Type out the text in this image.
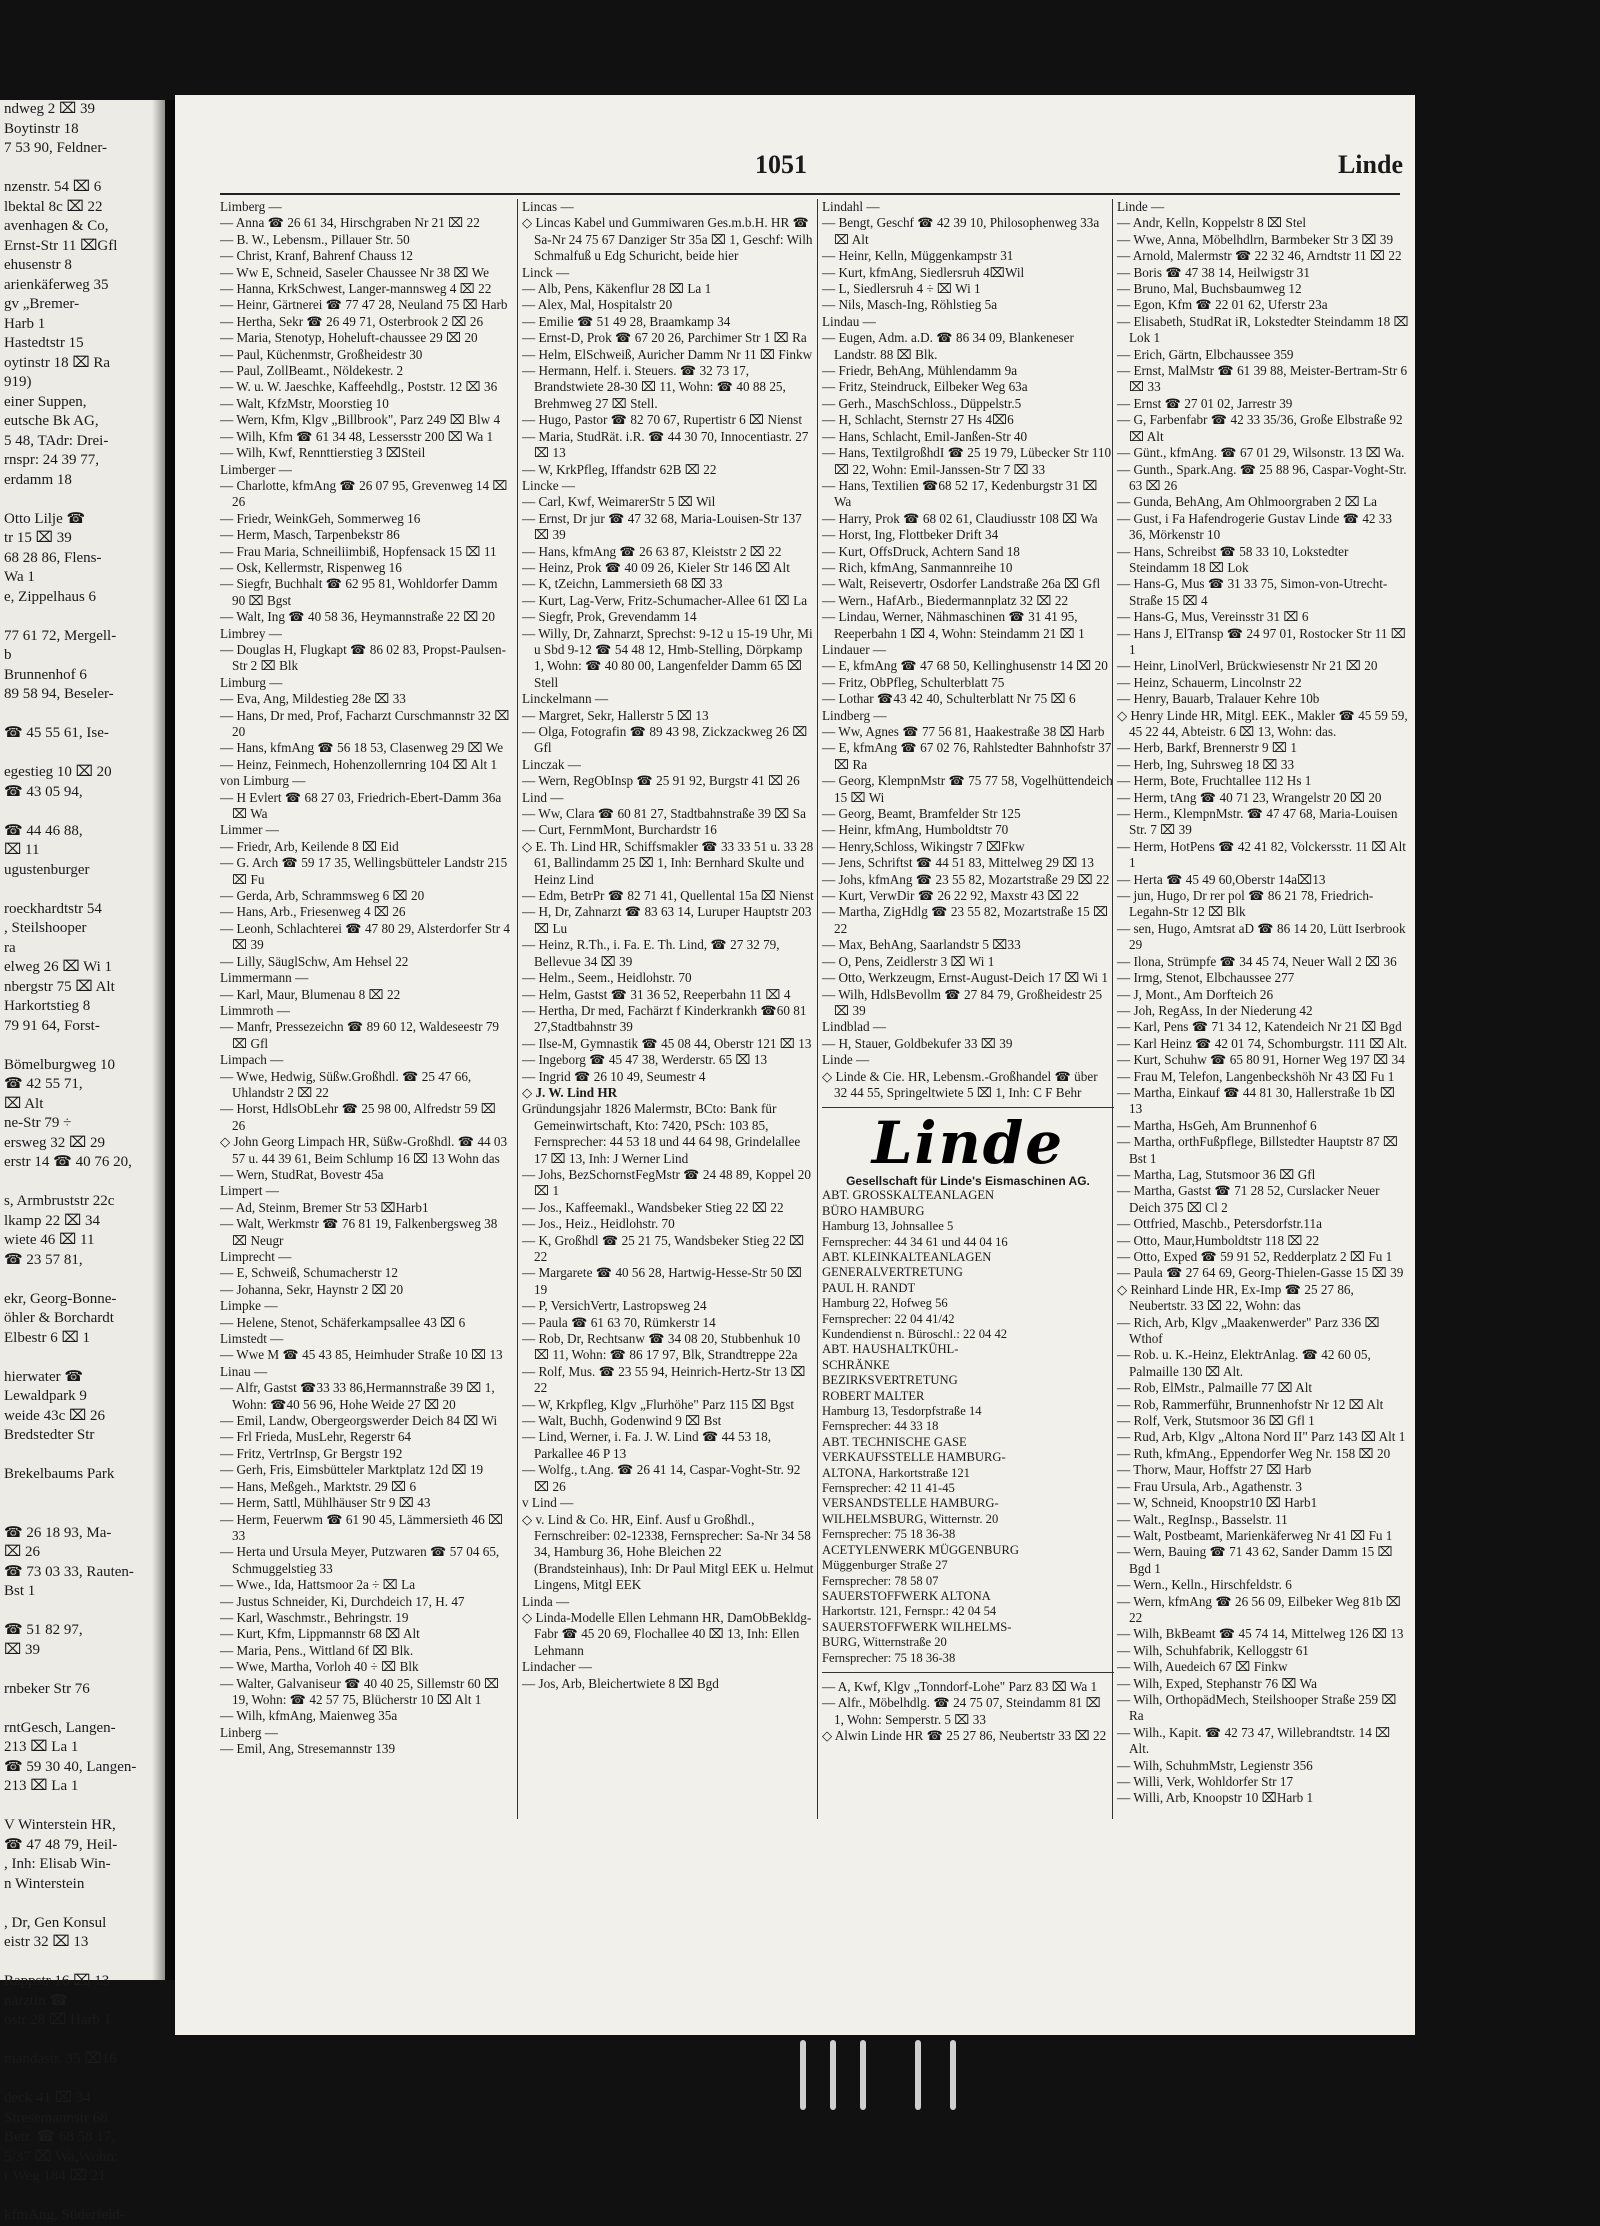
ndweg 2 ⌧ 39
Boytinstr 18
7 53 90, Feldner-

nzenstr. 54 ⌧ 6
lbektal 8c ⌧ 22
avenhagen & Co,
Ernst-Str 11 ⌧Gfl
ehusenstr 8
arienkäferweg 35
gv „Bremer-
Harb 1
Hastedtstr 15
oytinstr 18 ⌧ Ra
919)
einer Suppen,
eutsche Bk AG,
5 48, TAdr: Drei-
rnspr: 24 39 77,
erdamm 18

Otto Lilje ☎
tr 15 ⌧ 39
68 28 86, Flens-
Wa 1
e, Zippelhaus 6

77 61 72, Mergell-
b
Brunnenhof 6
89 58 94, Beseler-

☎ 45 55 61, Ise-

egestieg 10 ⌧ 20
☎ 43 05 94,

☎ 44 46 88,
⌧ 11
ugustenburger

roeckhardtstr 54
, Steilshooper
ra
elweg 26 ⌧ Wi 1
nbergstr 75 ⌧ Alt
Harkortstieg 8
79 91 64, Forst-

Bömelburgweg 10
☎ 42 55 71,
⌧ Alt
ne-Str 79 ÷
ersweg 32 ⌧ 29
erstr 14 ☎ 40 76 20,

s, Armbruststr 22c
lkamp 22 ⌧ 34
wiete 46 ⌧ 11
☎ 23 57 81,

ekr, Georg-Bonne-
öhler & Borchardt
Elbestr 6 ⌧ 1

hierwater ☎
Lewaldpark 9
weide 43c ⌧ 26
Bredstedter Str

Brekelbaums Park

☎ 26 18 93, Ma-
⌧ 26
☎ 73 03 33, Rauten-
Bst 1

☎ 51 82 97,
⌧ 39

rnbeker Str 76

rntGesch, Langen-
213 ⌧ La 1
☎ 59 30 40, Langen-
213 ⌧ La 1

V Winterstein HR,
☎ 47 48 79, Heil-
, Inh: Elisab Win-
n Winterstein

, Dr, Gen Konsul
eistr 32 ⌧ 13

Rappstr 16 ⌧ 13
närztin ☎
ostr 28 ⌧ Harb 1

mandastr. 35 ⌧16

deck 41 ⌧ 34
Stresemannstr 68
Betr. ☎ 68 58 17,
5/37 ⌧ Wa,Wohn:
r Weg 184 ⌧ 21

kfmAng, Süderfeld-
1051	Linde
Limberg —
— Anna ☎ 26 61 34, Hirschgraben Nr 21 ⌧ 22
— B. W., Lebensm., Pillauer Str. 50
— Christ, Kranf, Bahrenf Chauss 12
— Ww E, Schneid, Saseler Chaussee Nr 38 ⌧ We
— Hanna, KrkSchwest, Langer-mannsweg 4 ⌧ 22
— Heinr, Gärtnerei ☎ 77 47 28, Neuland 75 ⌧ Harb
— Hertha, Sekr ☎ 26 49 71, Osterbrook 2 ⌧ 26
— Maria, Stenotyp, Hoheluft-chaussee 29 ⌧ 20
— Paul, Küchenmstr, Großheidestr 30
— Paul, ZollBeamt., Nöldekestr. 2
— W. u. W. Jaeschke, Kaffeehdlg., Poststr. 12 ⌧ 36
— Walt, KfzMstr, Moorstieg 10
— Wern, Kfm, Klgv „Billbrook", Parz 249 ⌧ Blw 4
— Wilh, Kfm ☎ 61 34 48, Lessersstr 200 ⌧ Wa 1
— Wilh, Kwf, Rennttierstieg 3 ⌧Steil
Limberger —
— Charlotte, kfmAng ☎ 26 07 95, Grevenweg 14 ⌧ 26
— Friedr, WeinkGeh, Sommerweg 16
— Herm, Masch, Tarpenbekstr 86
— Frau Maria, Schneiliimbiß, Hopfensack 15 ⌧ 11
— Osk, Kellermstr, Rispenweg 16
— Siegfr, Buchhalt ☎ 62 95 81, Wohldorfer Damm 90 ⌧ Bgst
— Walt, Ing ☎ 40 58 36, Heymannstraße 22 ⌧ 20
Limbrey —
— Douglas H, Flugkapt ☎ 86 02 83, Propst-Paulsen-Str 2 ⌧ Blk
Limburg —
— Eva, Ang, Mildestieg 28e ⌧ 33
— Hans, Dr med, Prof, Facharzt Curschmannstr 32 ⌧ 20
— Hans, kfmAng ☎ 56 18 53, Clasenweg 29 ⌧ We
— Heinz, Feinmech, Hohenzollernring 104 ⌧ Alt 1
von Limburg —
— H Evlert ☎ 68 27 03, Friedrich-Ebert-Damm 36a ⌧ Wa
Limmer —
— Friedr, Arb, Keilende 8 ⌧ Eid
— G. Arch ☎ 59 17 35, Wellingsbütteler Landstr 215 ⌧ Fu
— Gerda, Arb, Schrammsweg 6 ⌧ 20
— Hans, Arb., Friesenweg 4 ⌧ 26
— Leonh, Schlachterei ☎ 47 80 29, Alsterdorfer Str 4 ⌧ 39
— Lilly, SäuglSchw, Am Hehsel 22
Limmermann —
— Karl, Maur, Blumenau 8 ⌧ 22
Limmroth —
— Manfr, Pressezeichn ☎ 89 60 12, Waldeseestr 79 ⌧ Gfl
Limpach —
— Wwe, Hedwig, Süßw.Großhdl. ☎ 25 47 66, Uhlandstr 2 ⌧ 22
— Horst, HdlsObLehr ☎ 25 98 00, Alfredstr 59 ⌧ 26
◇ John Georg Limpach HR, Süßw-Großhdl. ☎ 44 03 57 u. 44 39 61, Beim Schlump 16 ⌧ 13 Wohn das
— Wern, StudRat, Bovestr 45a
Limpert —
— Ad, Steinm, Bremer Str 53 ⌧Harb1
— Walt, Werkmstr ☎ 76 81 19, Falkenbergsweg 38 ⌧ Neugr
Limprecht —
— E, Schweiß, Schumacherstr 12
— Johanna, Sekr, Haynstr 2 ⌧ 20
Limpke —
— Helene, Stenot, Schäferkampsallee 43 ⌧ 6
Limstedt —
— Wwe M ☎ 45 43 85, Heimhuder Straße 10 ⌧ 13
Linau —
— Alfr, Gastst ☎33 33 86,Hermannstraße 39 ⌧ 1, Wohn: ☎40 56 96, Hohe Weide 27 ⌧ 20
— Emil, Landw, Obergeorgswerder Deich 84 ⌧ Wi
— Frl Frieda, MusLehr, Regerstr 64
— Fritz, VertrInsp, Gr Bergstr 192
— Gerh, Fris, Eimsbütteler Marktplatz 12d ⌧ 19
— Hans, Meßgeh., Marktstr. 29 ⌧ 6
— Herm, Sattl, Mühlhäuser Str 9 ⌧ 43
— Herm, Feuerwm ☎ 61 90 45, Lämmersieth 46 ⌧ 33
— Herta und Ursula Meyer, Putzwaren ☎ 57 04 65, Schmuggelstieg 33
— Wwe., Ida, Hattsmoor 2a ÷ ⌧ La
— Justus Schneider, Ki, Durchdeich 17, H. 47
— Karl, Waschmstr., Behringstr. 19
— Kurt, Kfm, Lippmannstr 68 ⌧ Alt
— Maria, Pens., Wittland 6f ⌧ Blk.
— Wwe, Martha, Vorloh 40 ÷ ⌧ Blk
— Walter, Galvaniseur ☎ 40 40 25, Sillemstr 60 ⌧ 19, Wohn: ☎ 42 57 75, Blücherstr 10 ⌧ Alt 1
— Wilh, kfmAng, Maienweg 35a
Linberg —
— Emil, Ang, Stresemannstr 139
Lincas —
◇ Lincas Kabel und Gummiwaren Ges.m.b.H. HR ☎ Sa-Nr 24 75 67 Danziger Str 35a ⌧ 1, Geschf: Wilh Schmalfuß u Edg Schuricht, beide hier
Linck —
— Alb, Pens, Käkenflur 28 ⌧ La 1
— Alex, Mal, Hospitalstr 20
— Emilie ☎ 51 49 28, Braamkamp 34
— Ernst-D, Prok ☎ 67 20 26, Parchimer Str 1 ⌧ Ra
— Helm, ElSchweiß, Auricher Damm Nr 11 ⌧ Finkw
— Hermann, Helf. i. Steuers. ☎ 32 73 17, Brandstwiete 28-30 ⌧ 11, Wohn: ☎ 40 88 25, Brehmweg 27 ⌧ Stell.
— Hugo, Pastor ☎ 82 70 67, Rupertistr 6 ⌧ Nienst
— Maria, StudRät. i.R. ☎ 44 30 70, Innocentiastr. 27 ⌧ 13
— W, KrkPfleg, Iffandstr 62B ⌧ 22
Lincke —
— Carl, Kwf, WeimarerStr 5 ⌧ Wil
— Ernst, Dr jur ☎ 47 32 68, Maria-Louisen-Str 137 ⌧ 39
— Hans, kfmAng ☎ 26 63 87, Kleiststr 2 ⌧ 22
— Heinz, Prok ☎ 40 09 26, Kieler Str 146 ⌧ Alt
— K, tZeichn, Lammersieth 68 ⌧ 33
— Kurt, Lag-Verw, Fritz-Schumacher-Allee 61 ⌧ La
— Siegfr, Prok, Grevendamm 14
— Willy, Dr, Zahnarzt, Sprechst: 9-12 u 15-19 Uhr, Mi u Sbd 9-12 ☎ 54 48 12, Hmb-Stelling, Dörpkamp 1, Wohn: ☎ 40 80 00, Langenfelder Damm 65 ⌧ Stell
Linckelmann —
— Margret, Sekr, Hallerstr 5 ⌧ 13
— Olga, Fotografin ☎ 89 43 98, Zickzackweg 26 ⌧ Gfl
Linczak —
— Wern, RegObInsp ☎ 25 91 92, Burgstr 41 ⌧ 26
Lind —
— Ww, Clara ☎ 60 81 27, Stadtbahnstraße 39 ⌧ Sa
— Curt, FernmMont, Burchardstr 16
◇ E. Th. Lind HR, Schiffsmakler ☎ 33 33 51 u. 33 28 61, Ballindamm 25 ⌧ 1, Inh: Bernhard Skulte und Heinz Lind
— Edm, BetrPr ☎ 82 71 41, Quellental 15a ⌧ Nienst
— H, Dr, Zahnarzt ☎ 83 63 14, Luruper Hauptstr 203 ⌧ Lu
— Heinz, R.Th., i. Fa. E. Th. Lind, ☎ 27 32 79, Bellevue 34 ⌧ 39
— Helm., Seem., Heidlohstr. 70
— Helm, Gastst ☎ 31 36 52, Reeperbahn 11 ⌧ 4
— Hertha, Dr med, Fachärzt f Kinderkrankh ☎60 81 27,Stadtbahnstr 39
— Ilse-M, Gymnastik ☎ 45 08 44, Oberstr 121 ⌧ 13
— Ingeborg ☎ 45 47 38, Werderstr. 65 ⌧ 13
— Ingrid ☎ 26 10 49, Seumestr 4
◇ J. W. Lind HR
Gründungsjahr 1826 Malermstr, BCto: Bank für Gemeinwirtschaft, Kto: 7420, PSch: 103 85, Fernsprecher: 44 53 18 und 44 64 98, Grindelallee 17 ⌧ 13, Inh: J Werner Lind
— Johs, BezSchornstFegMstr ☎ 24 48 89, Koppel 20 ⌧ 1
— Jos., Kaffeemakl., Wandsbeker Stieg 22 ⌧ 22
— Jos., Heiz., Heidlohstr. 70
— K, Großhdl ☎ 25 21 75, Wandsbeker Stieg 22 ⌧ 22
— Margarete ☎ 40 56 28, Hartwig-Hesse-Str 50 ⌧ 19
— P, VersichVertr, Lastropsweg 24
— Paula ☎ 61 63 70, Rümkerstr 14
— Rob, Dr, Rechtsanw ☎ 34 08 20, Stubbenhuk 10 ⌧ 11, Wohn: ☎ 86 17 97, Blk, Strandtreppe 22a
— Rolf, Mus. ☎ 23 55 94, Heinrich-Hertz-Str 13 ⌧ 22
— W, Krkpfleg, Klgv „Flurhöhe" Parz 115 ⌧ Bgst
— Walt, Buchh, Godenwind 9 ⌧ Bst
— Lind, Werner, i. Fa. J. W. Lind ☎ 44 53 18, Parkallee 46 P 13
— Wolfg., t.Ang. ☎ 26 41 14, Caspar-Voght-Str. 92 ⌧ 26
v Lind —
◇ v. Lind & Co. HR, Einf. Ausf u Großhdl., Fernschreiber: 02-12338, Fernsprecher: Sa-Nr 34 58 34, Hamburg 36, Hohe Bleichen 22 (Brandsteinhaus), Inh: Dr Paul Mitgl EEK u. Helmut Lingens, Mitgl EEK
Linda —
◇ Linda-Modelle Ellen Lehmann HR, DamObBekldg-Fabr ☎ 45 20 69, Flochallee 40 ⌧ 13, Inh: Ellen Lehmann
Lindacher —
— Jos, Arb, Bleichertwiete 8 ⌧ Bgd
Lindahl —
— Bengt, Geschf ☎ 42 39 10, Philosophenweg 33a ⌧ Alt
— Heinr, Kelln, Müggenkampstr 31
— Kurt, kfmAng, Siedlersruh 4⌧Wil
— L, Siedlersruh 4 ÷ ⌧ Wi 1
— Nils, Masch-Ing, Röhlstieg 5a
Lindau —
— Eugen, Adm. a.D. ☎ 86 34 09, Blankeneser Landstr. 88 ⌧ Blk.
— Friedr, BehAng, Mühlendamm 9a
— Fritz, Steindruck, Eilbeker Weg 63a
— Gerh., MaschSchloss., Düppelstr.5
— H, Schlacht, Sternstr 27 Hs 4⌧6
— Hans, Schlacht, Emil-Janßen-Str 40
— Hans, TextilgroßhdI ☎ 25 19 79, Lübecker Str 110 ⌧ 22, Wohn: Emil-Janssen-Str 7 ⌧ 33
— Hans, Textilien ☎68 52 17, Kedenburgstr 31 ⌧ Wa
— Harry, Prok ☎ 68 02 61, Claudiusstr 108 ⌧ Wa
— Horst, Ing, Flottbeker Drift 34
— Kurt, OffsDruck, Achtern Sand 18
— Rich, kfmAng, Sanmannreihe 10
— Walt, Reisevertr, Osdorfer Landstraße 26a ⌧ Gfl
— Wern., HafArb., Biedermannplatz 32 ⌧ 22
— Lindau, Werner, Nähmaschinen ☎ 31 41 95, Reeperbahn 1 ⌧ 4, Wohn: Steindamm 21 ⌧ 1
Lindauer —
— E, kfmAng ☎ 47 68 50, Kellinghusenstr 14 ⌧ 20
— Fritz, ObPfleg, Schulterblatt 75
— Lothar ☎43 42 40, Schulterblatt Nr 75 ⌧ 6
Lindberg —
— Ww, Agnes ☎ 77 56 81, Haakestraße 38 ⌧ Harb
— E, kfmAng ☎ 67 02 76, Rahlstedter Bahnhofstr 37 ⌧ Ra
— Georg, KlempnMstr ☎ 75 77 58, Vogelhüttendeich 15 ⌧ Wi
— Georg, Beamt, Bramfelder Str 125
— Heinr, kfmAng, Humboldtstr 70
— Henry,Schloss, Wikingstr 7 ⌧Fkw
— Jens, Schriftst ☎ 44 51 83, Mittelweg 29 ⌧ 13
— Johs, kfmAng ☎ 23 55 82, Mozartstraße 29 ⌧ 22
— Kurt, VerwDir ☎ 26 22 92, Maxstr 43 ⌧ 22
— Martha, ZigHdlg ☎ 23 55 82, Mozartstraße 15 ⌧ 22
— Max, BehAng, Saarlandstr 5 ⌧33
— O, Pens, Zeidlerstr 3 ⌧ Wi 1
— Otto, Werkzeugm, Ernst-August-Deich 17 ⌧ Wi 1
— Wilh, HdlsBevollm ☎ 27 84 79, Großheidestr 25 ⌧ 39
Lindblad —
— H, Stauer, Goldbekufer 33 ⌧ 39
Linde —
◇ Linde & Cie. HR, Lebensm.-Großhandel ☎ über 32 44 55, Springeltwiete 5 ⌧ 1, Inh: C F Behr
Linde
Gesellschaft für Linde's Eismaschinen AG.
ABT. GROSSKALTEANLAGEN
BÜRO HAMBURG
Hamburg 13, Johnsallee 5
Fernsprecher: 44 34 61 und 44 04 16
ABT. KLEINKALTEANLAGEN
GENERALVERTRETUNG
PAUL H. RANDT
Hamburg 22, Hofweg 56
Fernsprecher: 22 04 41/42
Kundendienst n. Büroschl.: 22 04 42
ABT. HAUSHALTKÜHL-
SCHRÄNKE
BEZIRKSVERTRETUNG
ROBERT MALTER
Hamburg 13, Tesdorpfstraße 14
Fernsprecher: 44 33 18
ABT. TECHNISCHE GASE
VERKAUFSSTELLE HAMBURG-
ALTONA, Harkortstraße 121
Fernsprecher: 42 11 41-45
VERSANDSTELLE HAMBURG-
WILHELMSBURG, Witternstr. 20
Fernsprecher: 75 18 36-38
ACETYLENWERK MÜGGENBURG
Müggenburger Straße 27
Fernsprecher: 78 58 07
SAUERSTOFFWERK ALTONA
Harkortstr. 121, Fernspr.: 42 04 54
SAUERSTOFFWERK WILHELMS-
BURG, Witternstraße 20
Fernsprecher: 75 18 36-38
— A, Kwf, Klgv „Tonndorf-Lohe" Parz 83 ⌧ Wa 1
— Alfr., Möbelhdlg. ☎ 24 75 07, Steindamm 81 ⌧ 1, Wohn: Semperstr. 5 ⌧ 33
◇ Alwin Linde HR ☎ 25 27 86, Neubertstr 33 ⌧ 22
Linde —
— Andr, Kelln, Koppelstr 8 ⌧ Stel
— Wwe, Anna, Möbelhdlrn, Barmbeker Str 3 ⌧ 39
— Arnold, Malermstr ☎ 22 32 46, Arndtstr 11 ⌧ 22
— Boris ☎ 47 38 14, Heilwigstr 31
— Bruno, Mal, Buchsbaumweg 12
— Egon, Kfm ☎ 22 01 62, Uferstr 23a
— Elisabeth, StudRat iR, Lokstedter Steindamm 18 ⌧ Lok 1
— Erich, Gärtn, Elbchaussee 359
— Ernst, MalMstr ☎ 61 39 88, Meister-Bertram-Str 6 ⌧ 33
— Ernst ☎ 27 01 02, Jarrestr 39
— G, Farbenfabr ☎ 42 33 35/36, Große Elbstraße 92 ⌧ Alt
— Günt., kfmAng. ☎ 67 01 29, Wilsonstr. 13 ⌧ Wa.
— Gunth., Spark.Ang. ☎ 25 88 96, Caspar-Voght-Str. 63 ⌧ 26
— Gunda, BehAng, Am Ohlmoorgraben 2 ⌧ La
— Gust, i Fa Hafendrogerie Gustav Linde ☎ 42 33 36, Mörkenstr 10
— Hans, Schreibst ☎ 58 33 10, Lokstedter Steindamm 18 ⌧ Lok
— Hans-G, Mus ☎ 31 33 75, Simon-von-Utrecht-Straße 15 ⌧ 4
— Hans-G, Mus, Vereinsstr 31 ⌧ 6
— Hans J, ElTransp ☎ 24 97 01, Rostocker Str 11 ⌧ 1
— Heinr, LinolVerl, Brückwiesenstr Nr 21 ⌧ 20
— Heinz, Schauerm, Lincolnstr 22
— Henry, Bauarb, Tralauer Kehre 10b
◇ Henry Linde HR, Mitgl. EEK., Makler ☎ 45 59 59, 45 22 44, Abteistr. 6 ⌧ 13, Wohn: das.
— Herb, Barkf, Brennerstr 9 ⌧ 1
— Herb, Ing, Suhrsweg 18 ⌧ 33
— Herm, Bote, Fruchtallee 112 Hs 1
— Herm, tAng ☎ 40 71 23, Wrangelstr 20 ⌧ 20
— Herm., KlempnMstr. ☎ 47 47 68, Maria-Louisen Str. 7 ⌧ 39
— Herm, HotPens ☎ 42 41 82, Volckersstr. 11 ⌧ Alt 1
— Herta ☎ 45 49 60,Oberstr 14a⌧13
— jun, Hugo, Dr rer pol ☎ 86 21 78, Friedrich-Legahn-Str 12 ⌧ Blk
— sen, Hugo, Amtsrat aD ☎ 86 14 20, Lütt Iserbrook 29
— Ilona, Strümpfe ☎ 34 45 74, Neuer Wall 2 ⌧ 36
— Irmg, Stenot, Elbchaussee 277
— J, Mont., Am Dorfteich 26
— Joh, RegAss, In der Niederung 42
— Karl, Pens ☎ 71 34 12, Katendeich Nr 21 ⌧ Bgd
— Karl Heinz ☎ 42 01 74, Schomburgstr. 111 ⌧ Alt.
— Kurt, Schuhw ☎ 65 80 91, Horner Weg 197 ⌧ 34
— Frau M, Telefon, Langenbeckshöh Nr 43 ⌧ Fu 1
— Martha, Einkauf ☎ 44 81 30, Hallerstraße 1b ⌧ 13
— Martha, HsGeh, Am Brunnenhof 6
— Martha, orthFußpflege, Billstedter Hauptstr 87 ⌧ Bst 1
— Martha, Lag, Stutsmoor 36 ⌧ Gfl
— Martha, Gastst ☎ 71 28 52, Curslacker Neuer Deich 375 ⌧ Cl 2
— Ottfried, Maschb., Petersdorfstr.11a
— Otto, Maur,Humboldtstr 118 ⌧ 22
— Otto, Exped ☎ 59 91 52, Redderplatz 2 ⌧ Fu 1
— Paula ☎ 27 64 69, Georg-Thielen-Gasse 15 ⌧ 39
◇ Reinhard Linde HR, Ex-Imp ☎ 25 27 86, Neubertstr. 33 ⌧ 22, Wohn: das
— Rich, Arb, Klgv „Maakenwerder" Parz 336 ⌧ Wthof
— Rob. u. K.-Heinz, ElektrAnlag. ☎ 42 60 05, Palmaille 130 ⌧ Alt.
— Rob, ElMstr., Palmaille 77 ⌧ Alt
— Rob, Rammerführ, Brunnenhofstr Nr 12 ⌧ Alt
— Rolf, Verk, Stutsmoor 36 ⌧ Gfl 1
— Rud, Arb, Klgv „Altona Nord II" Parz 143 ⌧ Alt 1
— Ruth, kfmAng., Eppendorfer Weg Nr. 158 ⌧ 20
— Thorw, Maur, Hoffstr 27 ⌧ Harb
— Frau Ursula, Arb., Agathenstr. 3
— W, Schneid, Knoopstr10 ⌧ Harb1
— Walt., RegInsp., Basselstr. 11
— Walt, Postbeamt, Marienkäferweg Nr 41 ⌧ Fu 1
— Wern, Bauing ☎ 71 43 62, Sander Damm 15 ⌧ Bgd 1
— Wern., Kelln., Hirschfeldstr. 6
— Wern, kfmAng ☎ 26 56 09, Eilbeker Weg 81b ⌧ 22
— Wilh, BkBeamt ☎ 45 74 14, Mittelweg 126 ⌧ 13
— Wilh, Schuhfabrik, Kelloggstr 61
— Wilh, Auedeich 67 ⌧ Finkw
— Wilh, Exped, Stephanstr 76 ⌧ Wa
— Wilh, OrthopädMech, Steilshooper Straße 259 ⌧ Ra
— Wilh., Kapit. ☎ 42 73 47, Willebrandtstr. 14 ⌧ Alt.
— Wilh, SchuhmMstr, Legienstr 356
— Willi, Verk, Wohldorfer Str 17
— Willi, Arb, Knoopstr 10 ⌧Harb 1
